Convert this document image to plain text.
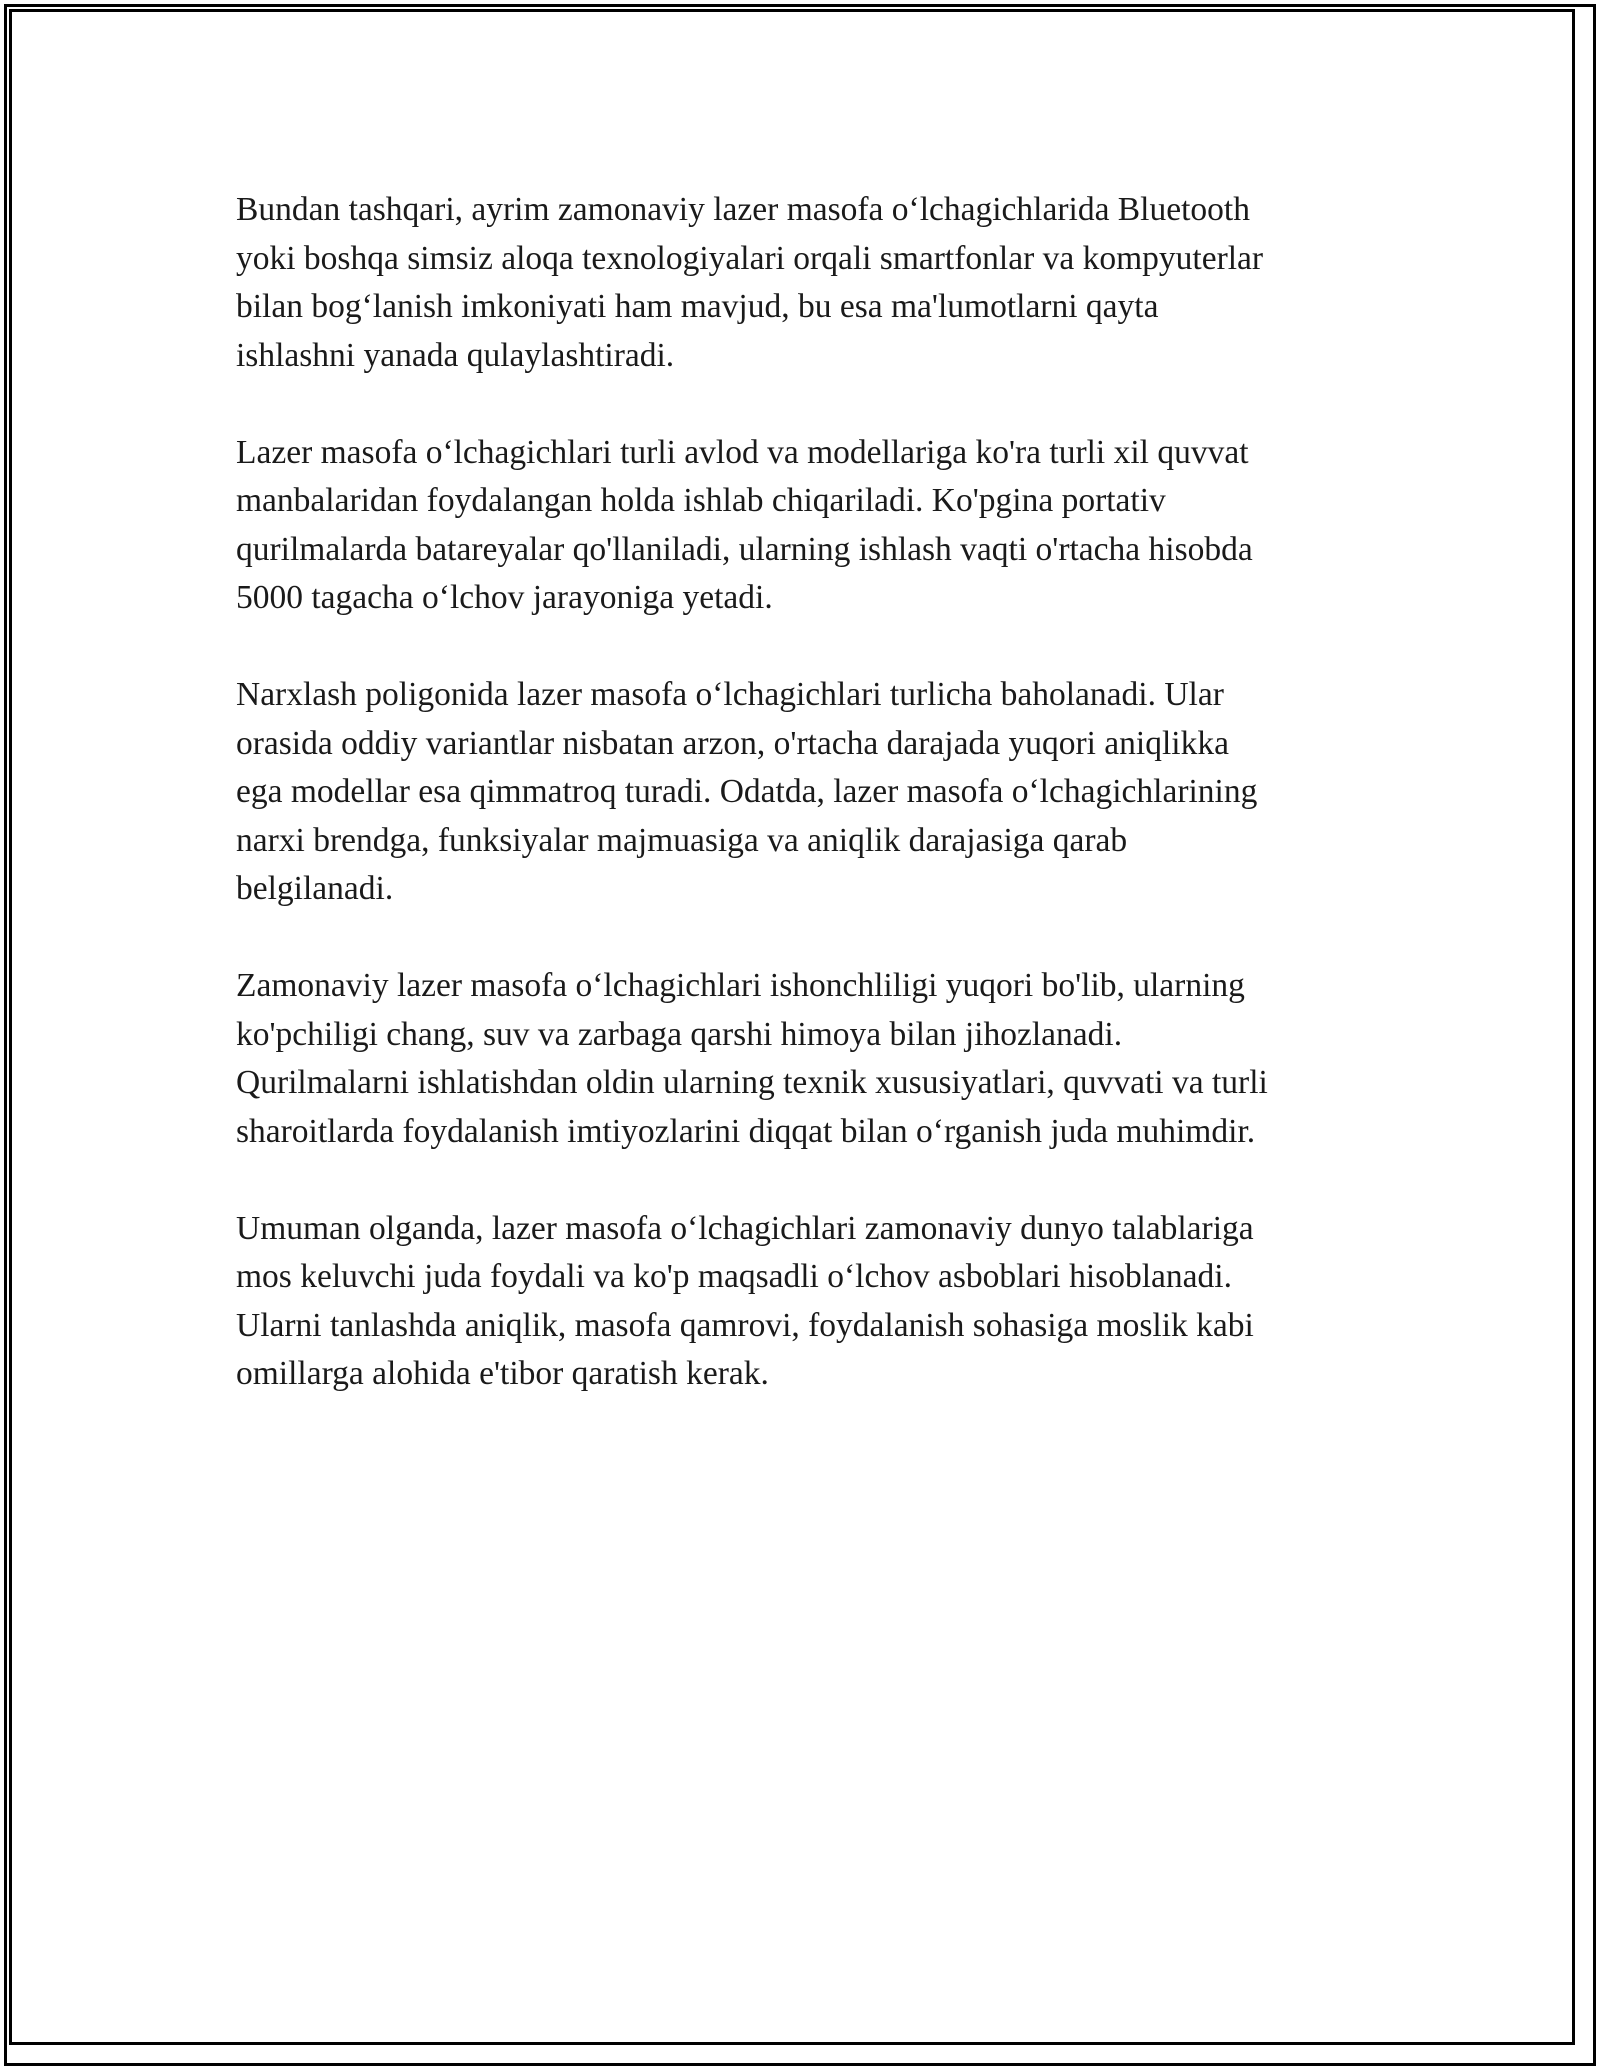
Bundan tashqari, ayrim zamonaviy lazer masofa o‘lchagichlarida Bluetooth
yoki boshqa simsiz aloqa texnologiyalari orqali smartfonlar va kompyuterlar
bilan bog‘lanish imkoniyati ham mavjud, bu esa ma'lumotlarni qayta
ishlashni yanada qulaylashtiradi.

Lazer masofa o‘lchagichlari turli avlod va modellariga ko'ra turli xil quvvat
manbalaridan foydalangan holda ishlab chiqariladi. Ko'pgina portativ
qurilmalarda batareyalar qo'llaniladi, ularning ishlash vaqti o'rtacha hisobda
5000 tagacha o‘lchov jarayoniga yetadi.

Narxlash poligonida lazer masofa o‘lchagichlari turlicha baholanadi. Ular
orasida oddiy variantlar nisbatan arzon, o'rtacha darajada yuqori aniqlikka
ega modellar esa qimmatroq turadi. Odatda, lazer masofa o‘lchagichlarining
narxi brendga, funksiyalar majmuasiga va aniqlik darajasiga qarab
belgilanadi.

Zamonaviy lazer masofa o‘lchagichlari ishonchliligi yuqori bo'lib, ularning
ko'pchiligi chang, suv va zarbaga qarshi himoya bilan jihozlanadi.
Qurilmalarni ishlatishdan oldin ularning texnik xususiyatlari, quvvati va turli
sharoitlarda foydalanish imtiyozlarini diqqat bilan o‘rganish juda muhimdir.

Umuman olganda, lazer masofa o‘lchagichlari zamonaviy dunyo talablariga
mos keluvchi juda foydali va ko'p maqsadli o‘lchov asboblari hisoblanadi.
Ularni tanlashda aniqlik, masofa qamrovi, foydalanish sohasiga moslik kabi
omillarga alohida e'tibor qaratish kerak.
